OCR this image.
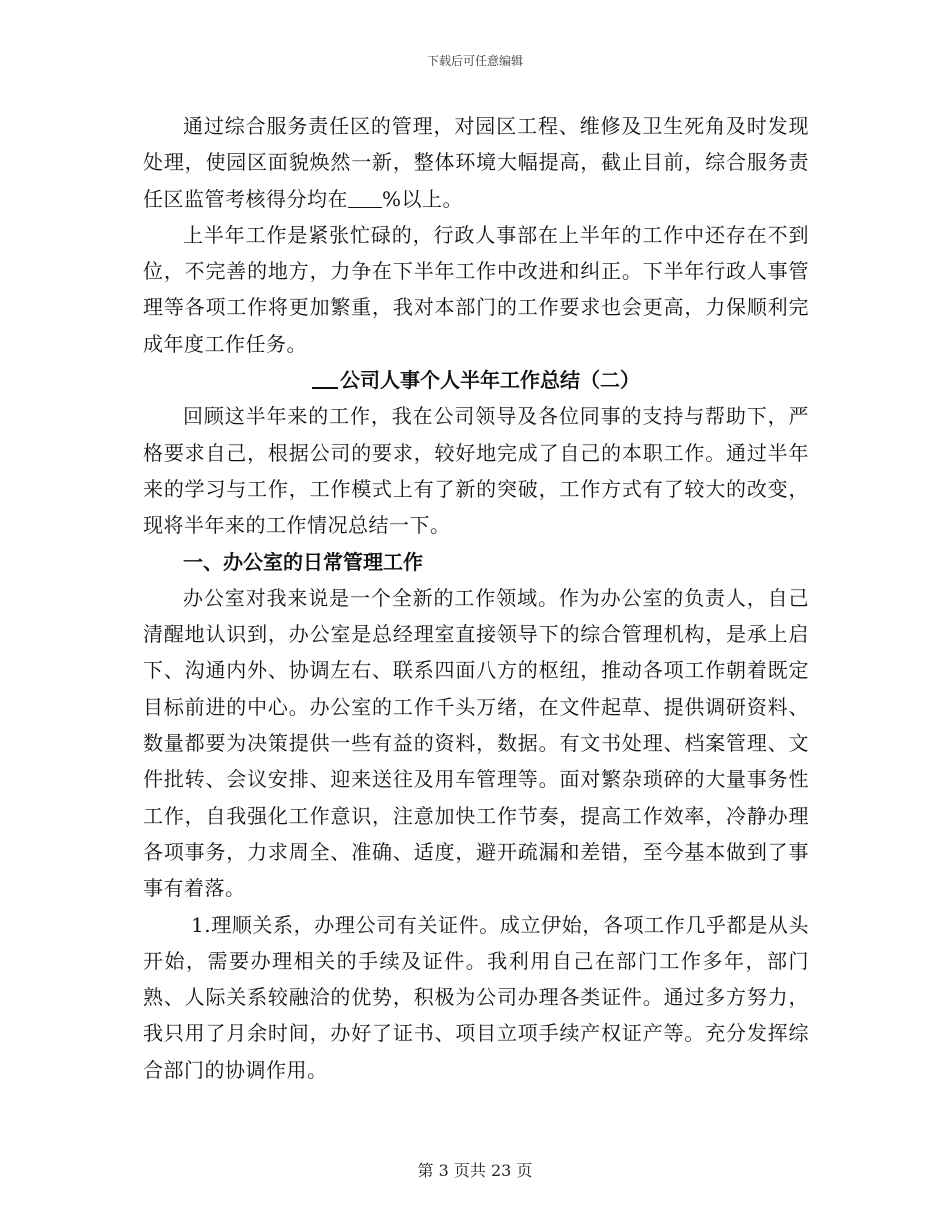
下载后可任意编辑

通过综合服务责任区的管理，对园区工程、维修及卫生死角及时发现处理，使园区面貌焕然一新，整体环境大幅提高，截止目前，综合服务责任区监管考核得分均在 %以上。

上半年工作是紧张忙碌的，行政人事部在上半年的工作中还存在不到位，不完善的地方，力争在下半年工作中改进和纠正。下半年行政人事管理等各项工作将更加繁重，我对本部门的工作要求也会更高，力保顺利完成年度工作任务。

公司人事个人半年工作总结（二）

回顾这半年来的工作，我在公司领导及各位同事的支持与帮助下，严格要求自己，根据公司的要求，较好地完成了自己的本职工作。通过半年来的学习与工作，工作模式上有了新的突破，工作方式有了较大的改变，现将半年来的工作情况总结一下。

一、办公室的日常管理工作

办公室对我来说是一个全新的工作领域。作为办公室的负责人，自己清醒地认识到，办公室是总经理室直接领导下的综合管理机构，是承上启下、沟通内外、协调左右、联系四面八方的枢纽，推动各项工作朝着既定目标前进的中心。办公室的工作千头万绪，在文件起草、提供调研资料、数量都要为决策提供一些有益的资料，数据。有文书处理、档案管理、文件批转、会议安排、迎来送往及用车管理等。面对繁杂琐碎的大量事务性工作，自我强化工作意识，注意加快工作节奏，提高工作效率，冷静办理各项事务，力求周全、准确、适度，避开疏漏和差错，至今基本做到了事事有着落。

1.理顺关系，办理公司有关证件。成立伊始，各项工作几乎都是从头开始，需要办理相关的手续及证件。我利用自己在部门工作多年，部门熟、人际关系较融洽的优势，积极为公司办理各类证件。通过多方努力，我只用了月余时间，办好了证书、项目立项手续产权证产等。充分发挥综合部门的协调作用。

第 3 页共 23 页
